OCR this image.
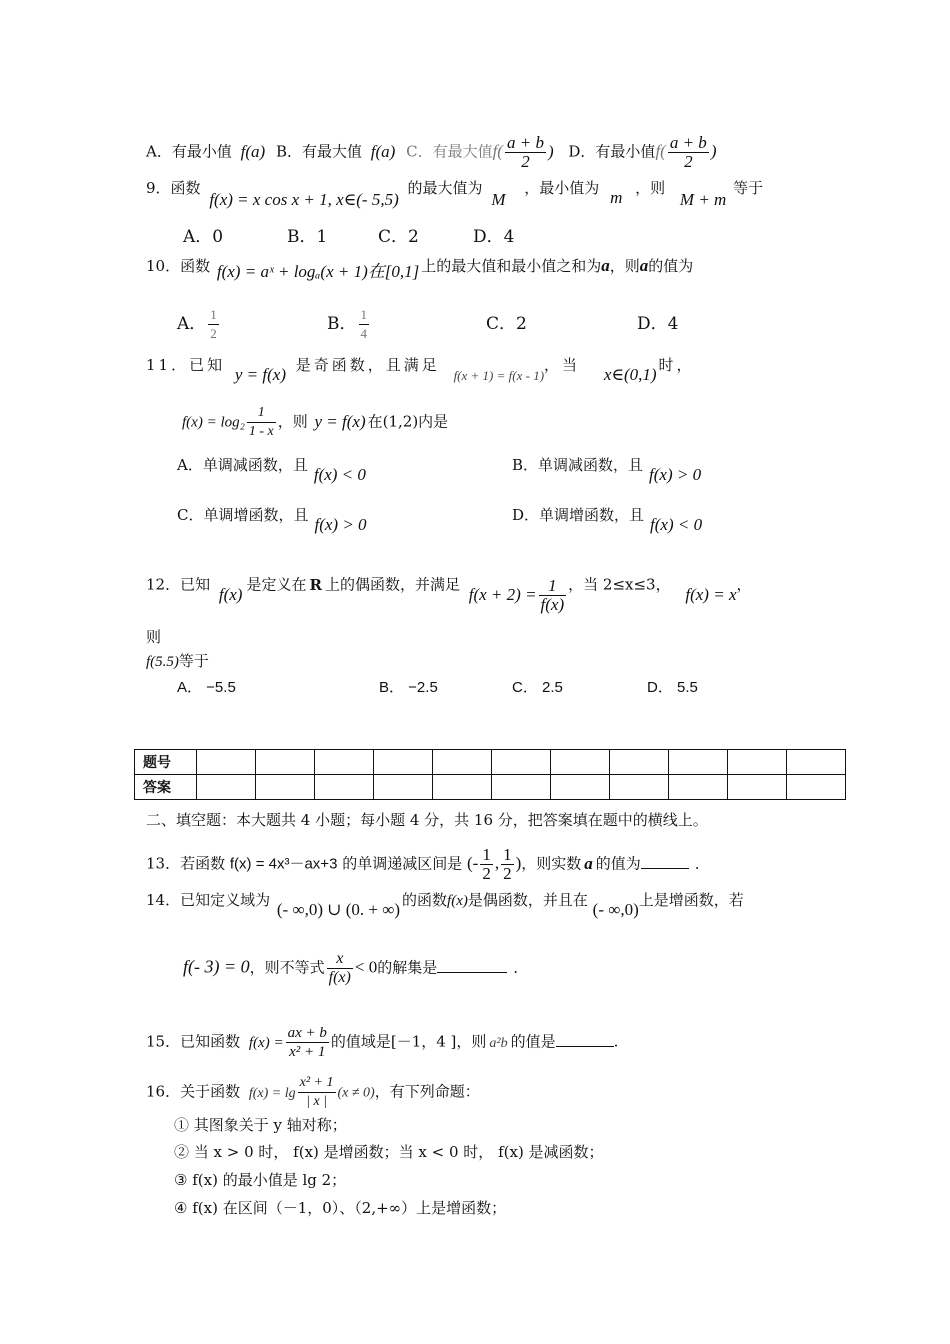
A．有最小值 f(a) B．有最大值 f(a) C．有最大值$f( \frac{a + b}{2}$ ) D．有最小值$f( \frac{a + b}{2}$ )
9．函数 f(x) = x cos x + 1, x∈(- 5,5) 的最大值为 M ，最小值为 m ，则 M + m 等于
A．0	B．1	C．2	D．4
10．函数 f(x) = aˣ + logₐ(x + 1)在[0,1] 上的最大值和最小值之和为a，则a的值为
A． $\frac{1}{2}$	B． $\frac{1}{4}$	C．2	D．4
11．已知 y = f(x) 是奇函数，且满足 f(x + 1) = f(x - 1)，当 x∈(0,1) 时，
$f(x) = \log_2 \frac{1}{1 - x}$ ，则 y = f(x) 在(1,2)内是
A．单调减函数，且 f(x) < 0	B．单调减函数，且 f(x) > 0
C．单调增函数，且 f(x) > 0	D．单调增函数，且 f(x) < 0
12．已知 f(x) 是定义在 R 上的偶函数，并满足 $f(x + 2) = \frac{1}{f(x)}$ ，当 2≤x≤3， f(x) = x，
则
f(5.5)等于
A． −5.5	B． −2.5	C． 2.5	D． 5.5
题号											
答案											
二、填空题：本大题共 4 小题；每小题 4 分，共 16 分，把答案填在题中的横线上。
13．若函数 f(x) = 4x³－ax+3 的单调递减区间是 (- $\frac{1}{2}$ , $\frac{1}{2}$ )，则实数 a 的值为	.
14．已知定义域为 (- ∞,0) ∪ (0. + ∞) 的函数f(x)是偶函数，并且在 (- ∞,0)上是增函数，若
f(- 3) = 0，则不等式 $\frac{x}{f(x)} < 0$的解集是	.
15．已知函数 $f(x) = \frac{ax + b}{\text{x² + 1}}$ 的值域是[－1，4 ]，则 a²b 的值是	.
16．关于函数 $f(x) = \lg \frac{\text{x² + 1}}{| x |} (x \ne 0)$，有下列命题：
① 其图象关于 y 轴对称；
② 当 x > 0 时， f(x) 是增函数；当 x < 0 时， f(x) 是减函数；
③ f(x) 的最小值是 lg 2；
④ f(x) 在区间（－1，0）、（2,+∞）上是增函数；
